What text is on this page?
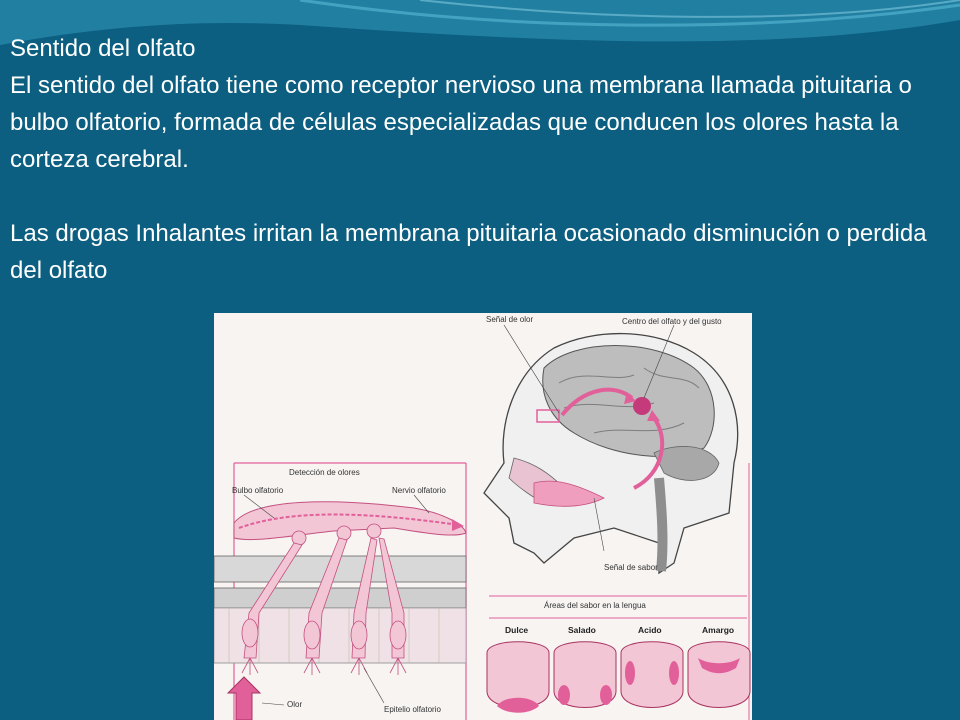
Sentido del olfato

El sentido del olfato tiene como receptor nervioso una membrana llamada pituitaria o bulbo olfatorio, formada de células especializadas que conducen los olores hasta la corteza cerebral.

Las drogas Inhalantes irritan la membrana pituitaria ocasionado disminución o perdida del olfato

Señal de olor	Centro del olfato y del gusto
Señal de sabor
Detección de olores
Bulbo olfatorio	Nervio olfatorio
Olor
Epitelio olfatorio
Áreas del sabor en la lengua
Dulce	Salado	Acido	Amargo
